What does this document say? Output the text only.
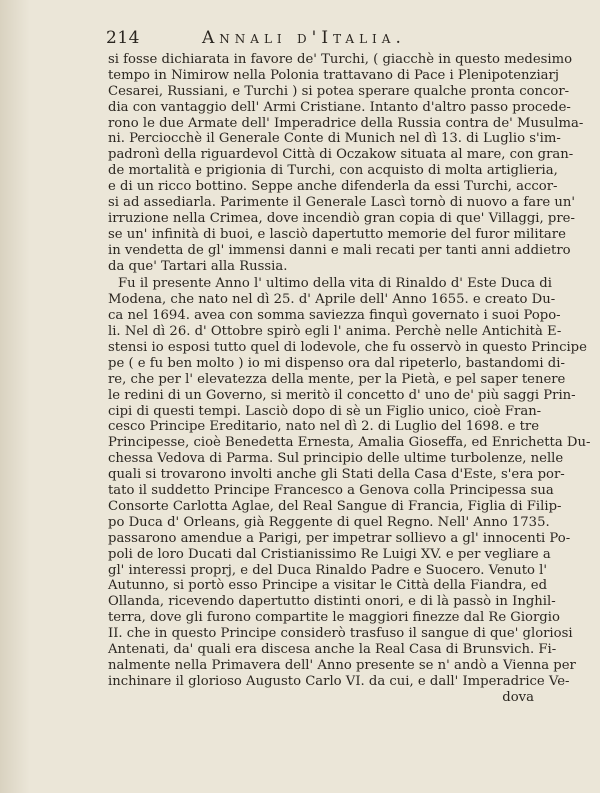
214	Annali d'Italia.
si fosse dichiarata in favore de' Turchi, ( giacchè in questo medesimo
tempo in Nimirow nella Polonia trattavano di Pace i Plenipotenziarj
Cesarei, Russiani, e Turchi ) si potea sperare qualche pronta concor-
dia con vantaggio dell' Armi Cristiane. Intanto d'altro passo procede-
rono le due Armate dell' Imperadrice della Russia contra de' Musulma-
ni. Perciocchè il Generale Conte di Munich nel dì 13. di Luglio s'im-
padronì della riguardevol Città di Oczakow situata al mare, con gran-
de mortalità e prigionia di Turchi, con acquisto di molta artiglieria,
e di un ricco bottino. Seppe anche difenderla da essi Turchi, accor-
si ad assediarla. Parimente il Generale Lascì tornò di nuovo a fare un'
irruzione nella Crimea, dove incendiò gran copia di que' Villaggi, pre-
se un' infinità di buoi, e lasciò dapertutto memorie del furor militare
in vendetta de gl' immensi danni e mali recati per tanti anni addietro
da que' Tartari alla Russia.
Fu il presente Anno l' ultimo della vita di Rinaldo d' Este Duca di
Modena, che nato nel dì 25. d' Aprile dell' Anno 1655. e creato Du-
ca nel 1694. avea con somma saviezza finquì governato i suoi Popo-
li. Nel dì 26. d' Ottobre spirò egli l' anima. Perchè nelle Antichità E-
stensi io esposi tutto quel di lodevole, che fu osservò in questo Principe
pe ( e fu ben molto ) io mi dispenso ora dal ripeterlo, bastandomi di-
re, che per l' elevatezza della mente, per la Pietà, e pel saper tenere
le redini di un Governo, si meritò il concetto d' uno de' più saggi Prin-
cipi di questi tempi. Lasciò dopo di sè un Figlio unico, cioè Fran-
cesco Principe Ereditario, nato nel dì 2. di Luglio del 1698. e tre
Principesse, cioè Benedetta Ernesta, Amalia Gioseffa, ed Enrichetta Du-
chessa Vedova di Parma. Sul principio delle ultime turbolenze, nelle
quali si trovarono involti anche gli Stati della Casa d'Este, s'era por-
tato il suddetto Principe Francesco a Genova colla Principessa sua
Consorte Carlotta Aglae, del Real Sangue di Francia, Figlia di Filip-
po Duca d' Orleans, già Reggente di quel Regno. Nell' Anno 1735.
passarono amendue a Parigi, per impetrar sollievo a gl' innocenti Po-
poli de loro Ducati dal Cristianissimo Re Luigi XV. e per vegliare a
gl' interessi proprj, e del Duca Rinaldo Padre e Suocero. Venuto l'
Autunno, si portò esso Principe a visitar le Città della Fiandra, ed
Ollanda, ricevendo dapertutto distinti onori, e di là passò in Inghil-
terra, dove gli furono compartite le maggiori finezze dal Re Giorgio
II. che in questo Principe considerò trasfuso il sangue di que' gloriosi
Antenati, da' quali era discesa anche la Real Casa di Brunsvich. Fi-
nalmente nella Primavera dell' Anno presente se n' andò a Vienna per
inchinare il glorioso Augusto Carlo VI. da cui, e dall' Imperadrice Ve-
dova
